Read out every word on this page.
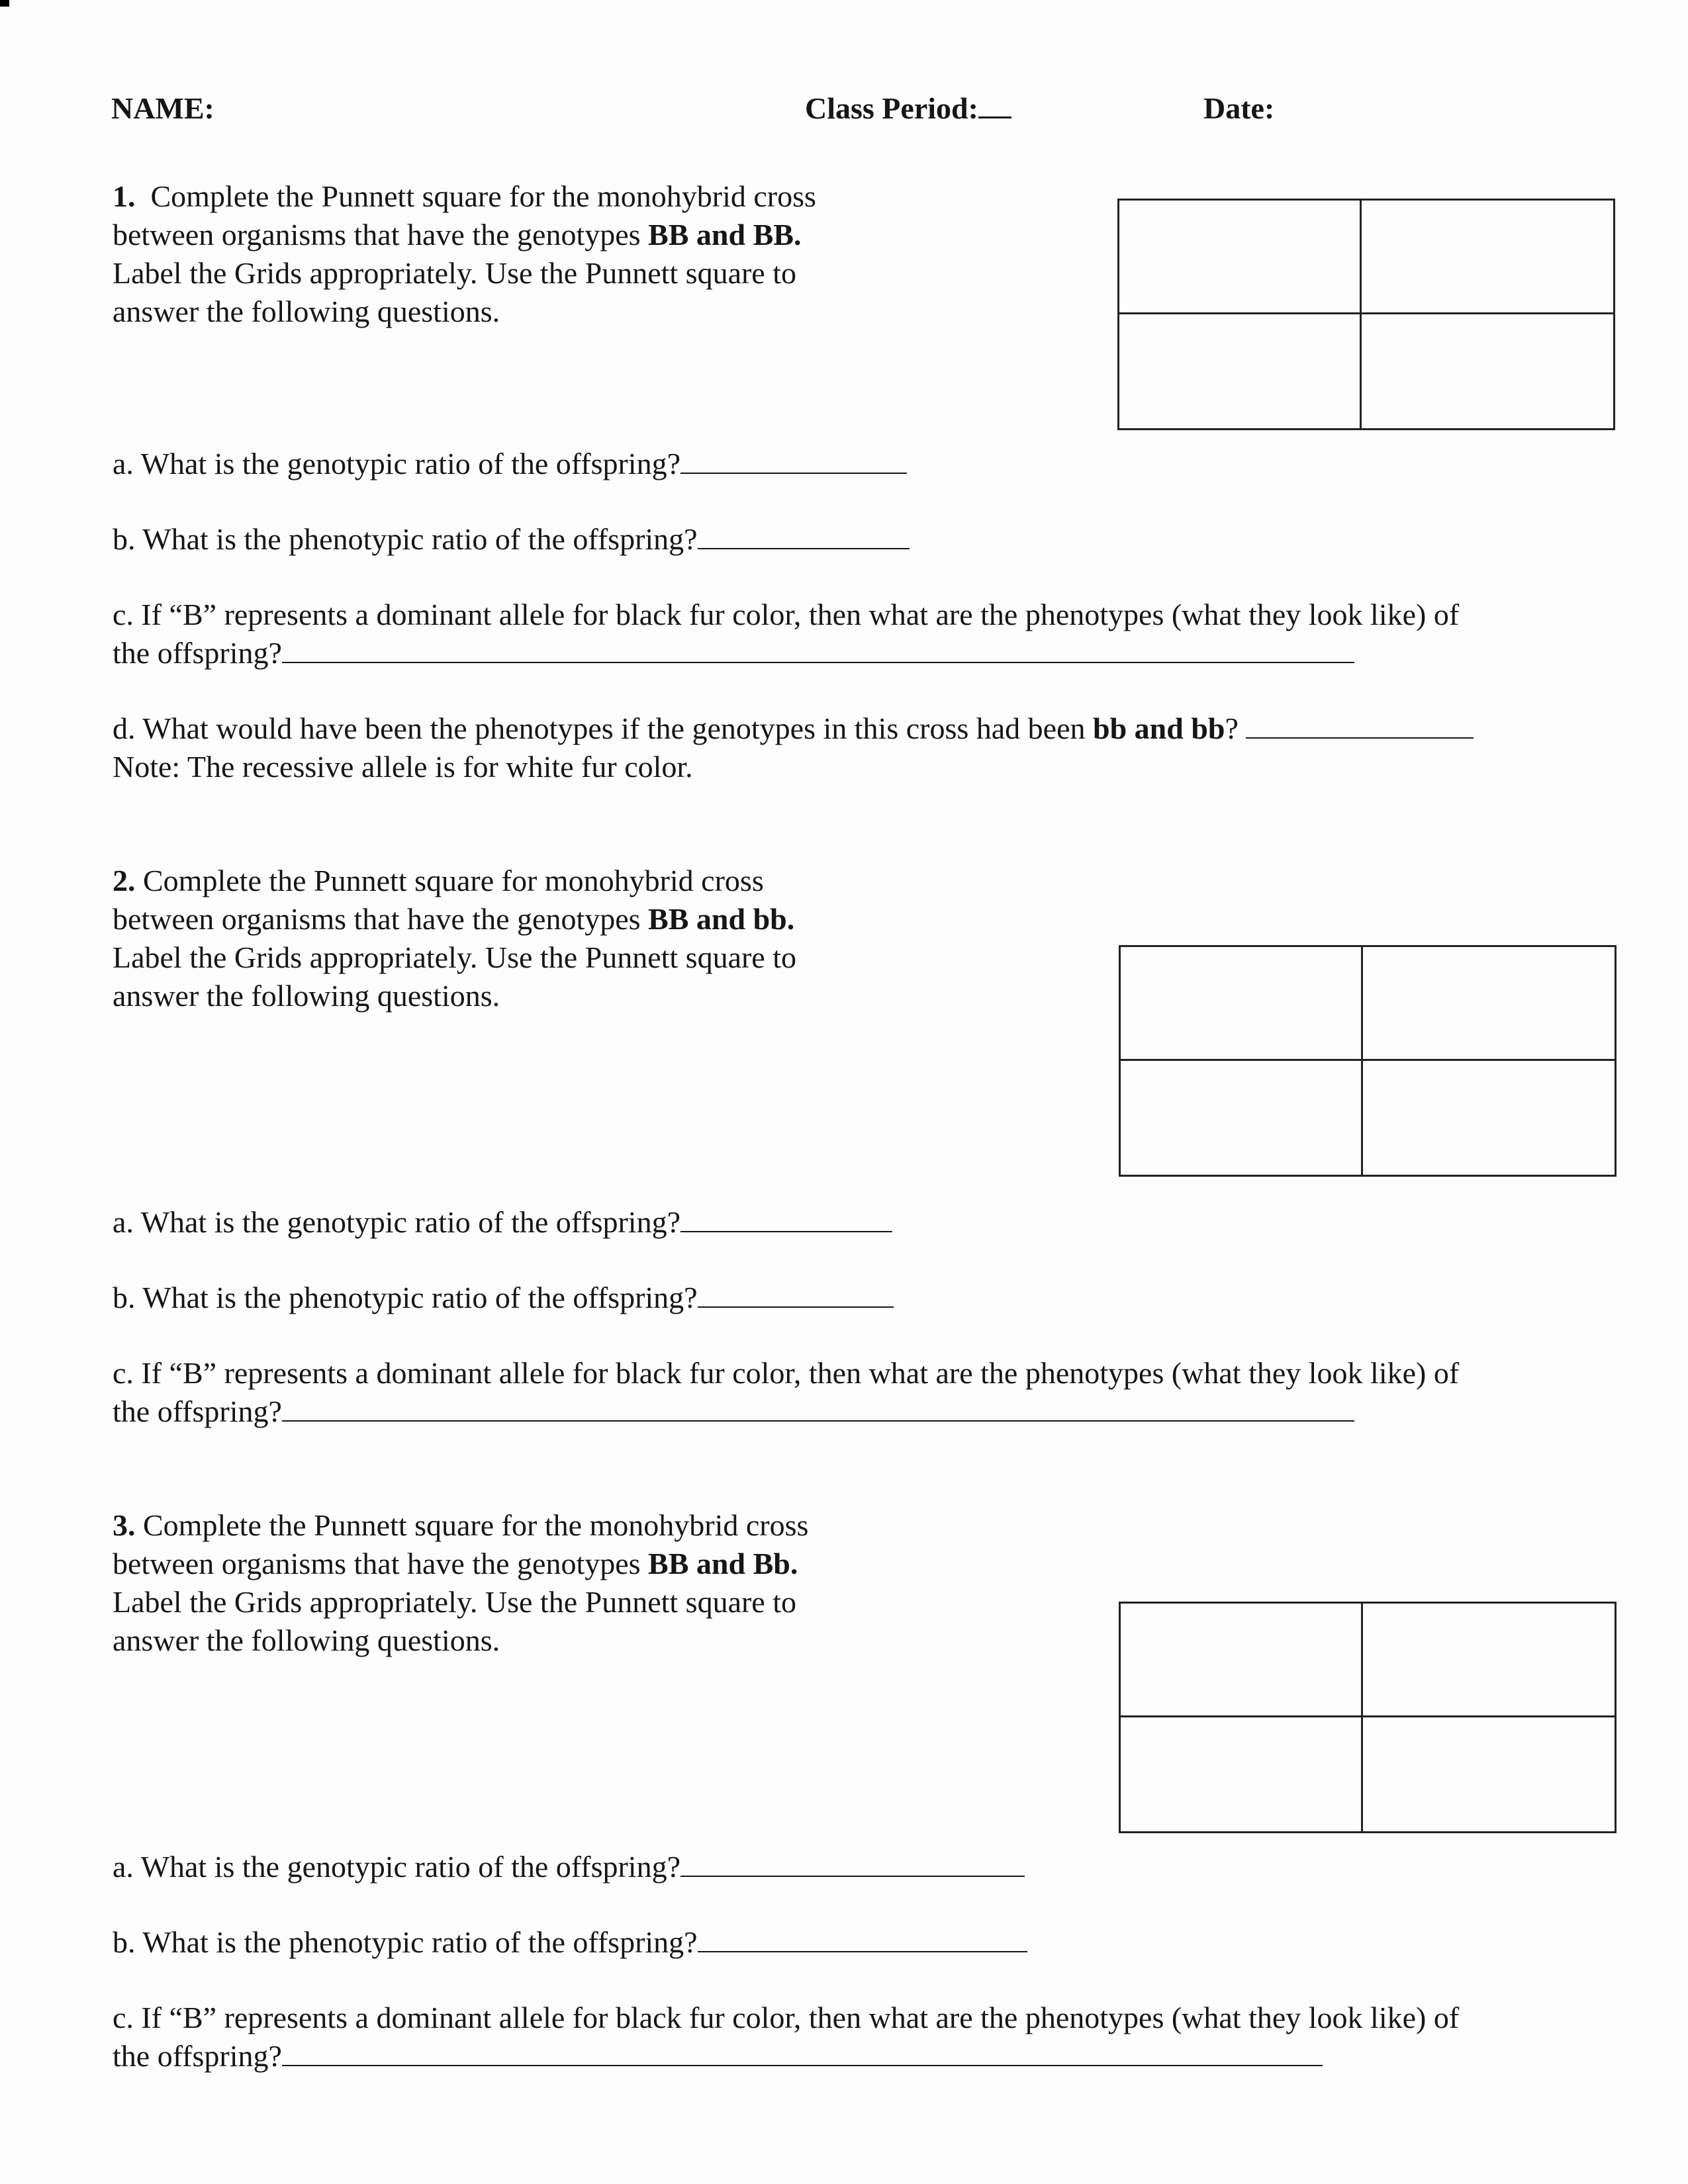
NAME:	Class Period:	Date:
1. Complete the Punnett square for the monohybrid cross
between organisms that have the genotypes BB and BB.
Label the Grids appropriately. Use the Punnett square to
answer the following questions.
a. What is the genotypic ratio of the offspring?
b. What is the phenotypic ratio of the offspring?
c. If “B” represents a dominant allele for black fur color, then what are the phenotypes (what they look like) of
the offspring?
d. What would have been the phenotypes if the genotypes in this cross had been bb and bb?
Note: The recessive allele is for white fur color.
2. Complete the Punnett square for monohybrid cross
between organisms that have the genotypes BB and bb.
Label the Grids appropriately. Use the Punnett square to
answer the following questions.
a. What is the genotypic ratio of the offspring?
b. What is the phenotypic ratio of the offspring?
c. If “B” represents a dominant allele for black fur color, then what are the phenotypes (what they look like) of
the offspring?
3. Complete the Punnett square for the monohybrid cross
between organisms that have the genotypes BB and Bb.
Label the Grids appropriately. Use the Punnett square to
answer the following questions.
a. What is the genotypic ratio of the offspring?
b. What is the phenotypic ratio of the offspring?
c. If “B” represents a dominant allele for black fur color, then what are the phenotypes (what they look like) of
the offspring?
